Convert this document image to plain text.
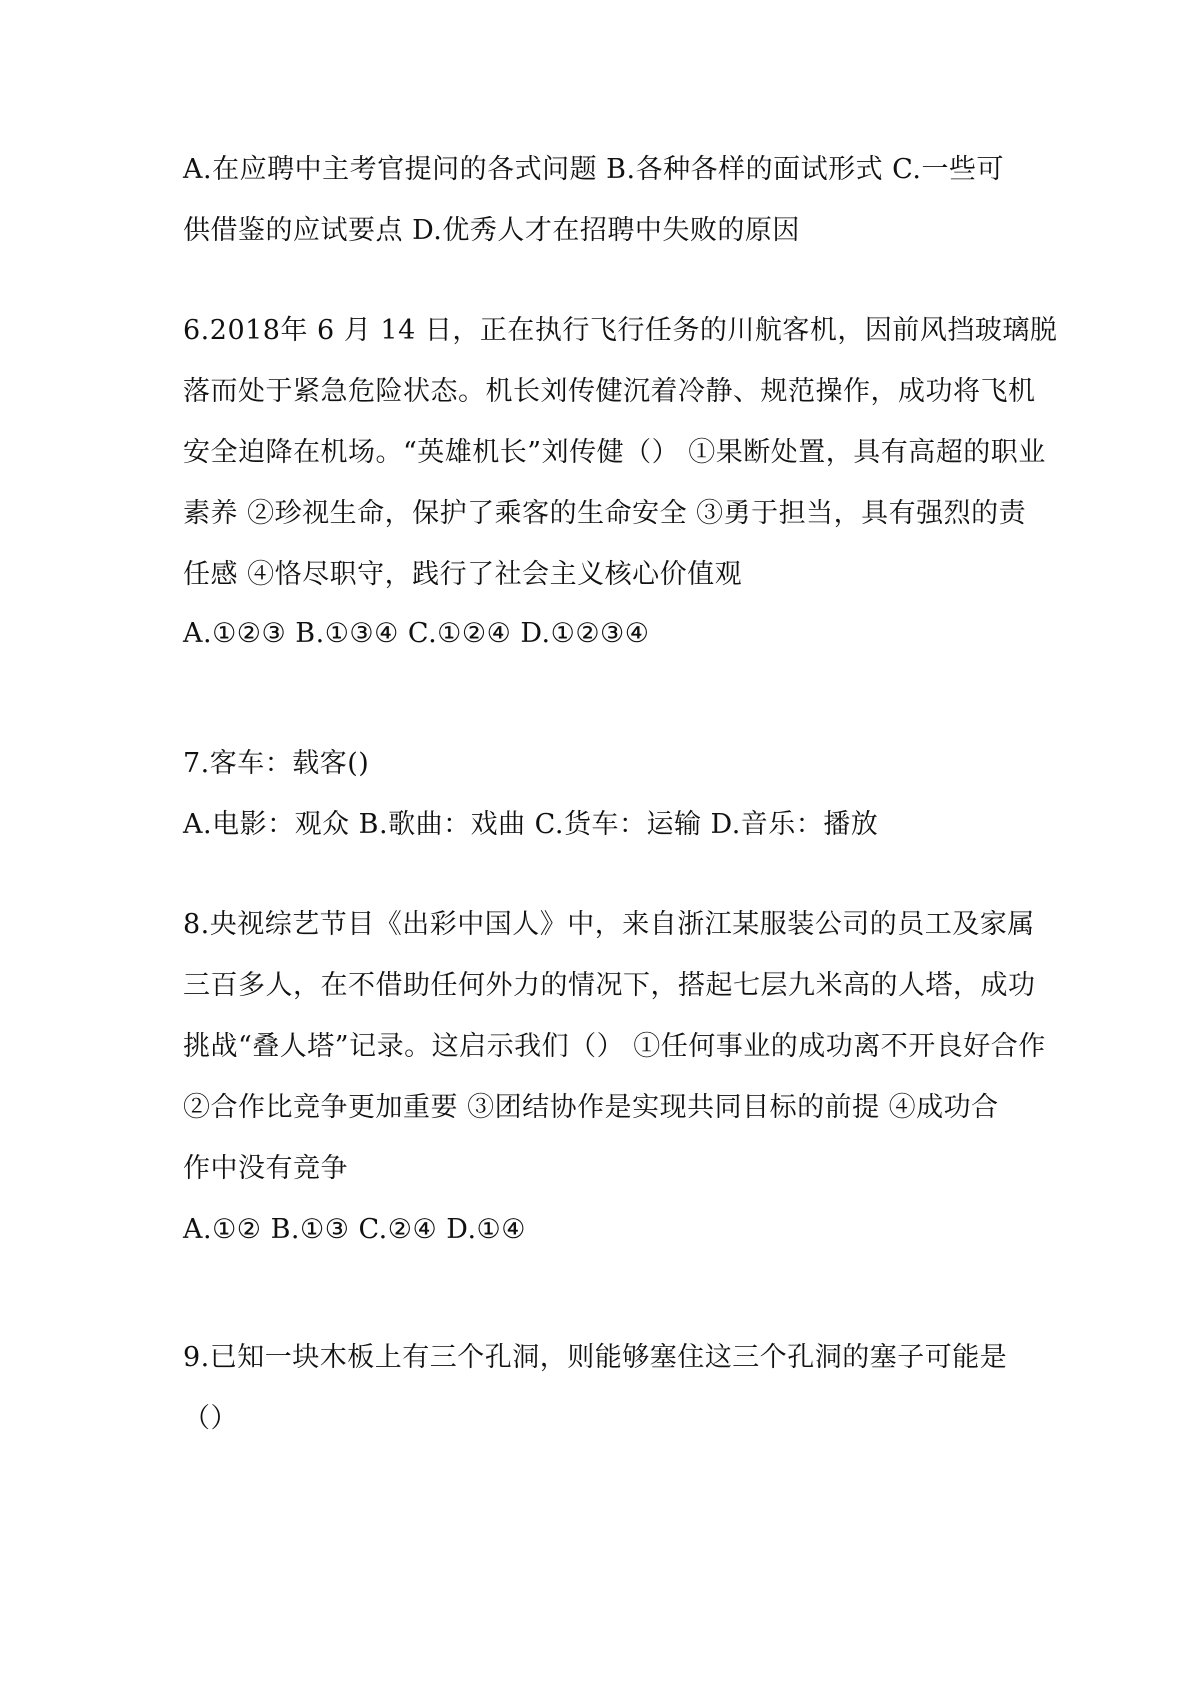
A.在应聘中主考官提问的各式问题 B.各种各样的面试形式 C.一些可
供借鉴的应试要点 D.优秀人才在招聘中失败的原因
6.2018年 6 月 14 日，正在执行飞行任务的川航客机，因前风挡玻璃脱
落而处于紧急危险状态。机长刘传健沉着冷静、规范操作，成功将飞机
安全迫降在机场。“英雄机长”刘传健（） ①果断处置，具有高超的职业
素养 ②珍视生命，保护了乘客的生命安全 ③勇于担当，具有强烈的责
任感 ④恪尽职守，践行了社会主义核心价值观
A.①②③ B.①③④ C.①②④ D.①②③④
7.客车：载客()
A.电影：观众 B.歌曲：戏曲 C.货车：运输 D.音乐：播放
8.央视综艺节目《出彩中国人》中，来自浙江某服装公司的员工及家属
三百多人，在不借助任何外力的情况下，搭起七层九米高的人塔，成功
挑战“叠人塔”记录。这启示我们（） ①任何事业的成功离不开良好合作
②合作比竞争更加重要 ③团结协作是实现共同目标的前提 ④成功合
作中没有竞争
A.①② B.①③ C.②④ D.①④
9.已知一块木板上有三个孔洞，则能够塞住这三个孔洞的塞子可能是
（）
